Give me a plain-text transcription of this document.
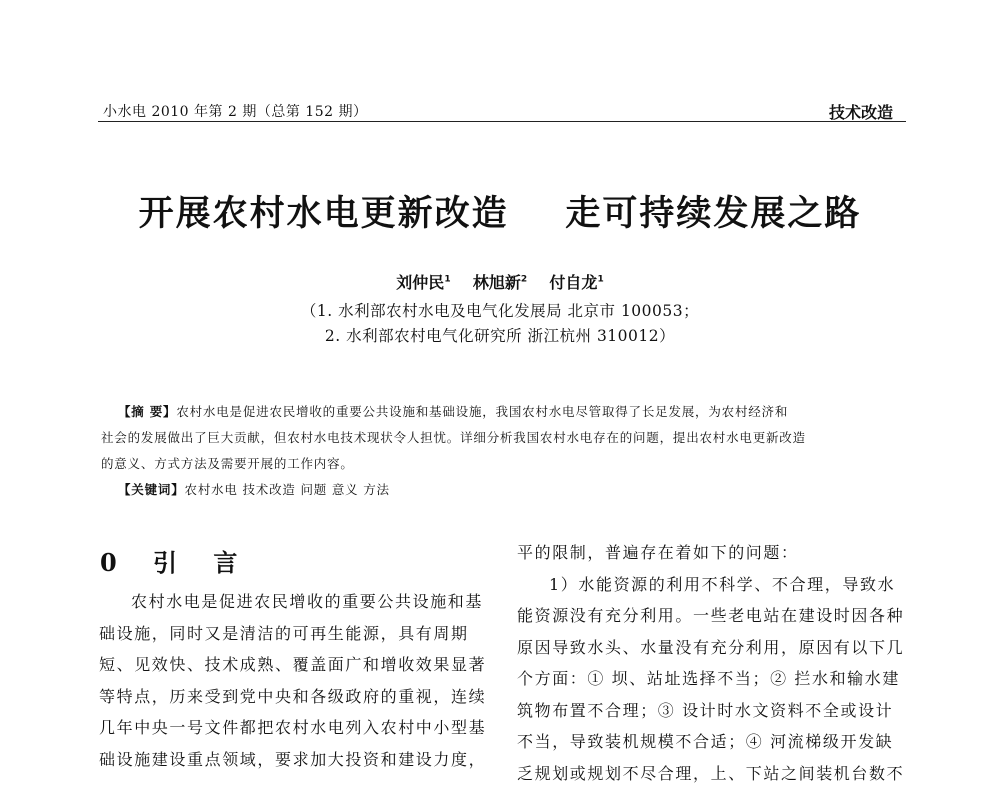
小水电 2010 年第 2 期（总第 152 期）	技术改造
开展农村水电更新改造    走可持续发展之路
刘仲民$^1$ 林旭新$^2$ 付自龙$^1$
（1. 水利部农村水电及电气化发展局 北京市 100053；
2. 水利部农村电气化研究所 浙江杭州 310012）
【摘 要】农村水电是促进农民增收的重要公共设施和基础设施，我国农村水电尽管取得了长足发展，为农村经济和
社会的发展做出了巨大贡献，但农村水电技术现状令人担忧。详细分析我国农村水电存在的问题，提出农村水电更新改造
的意义、方式方法及需要开展的工作内容。
【关键词】农村水电 技术改造 问题 意义 方法
0 引 言
农村水电是促进农民增收的重要公共设施和基
础设施，同时又是清洁的可再生能源，具有周期
短、见效快、技术成熟、覆盖面广和增收效果显著
等特点，历来受到党中央和各级政府的重视，连续
几年中央一号文件都把农村水电列入农村中小型基
础设施建设重点领域，要求加大投资和建设力度，
平的限制，普遍存在着如下的问题：
1）水能资源的利用不科学、不合理，导致水
能资源没有充分利用。一些老电站在建设时因各种
原因导致水头、水量没有充分利用，原因有以下几
个方面：① 坝、站址选择不当；② 拦水和输水建
筑物布置不合理；③ 设计时水文资料不全或设计
不当，导致装机规模不合适；④ 河流梯级开发缺
乏规划或规划不尽合理，上、下站之间装机台数不
